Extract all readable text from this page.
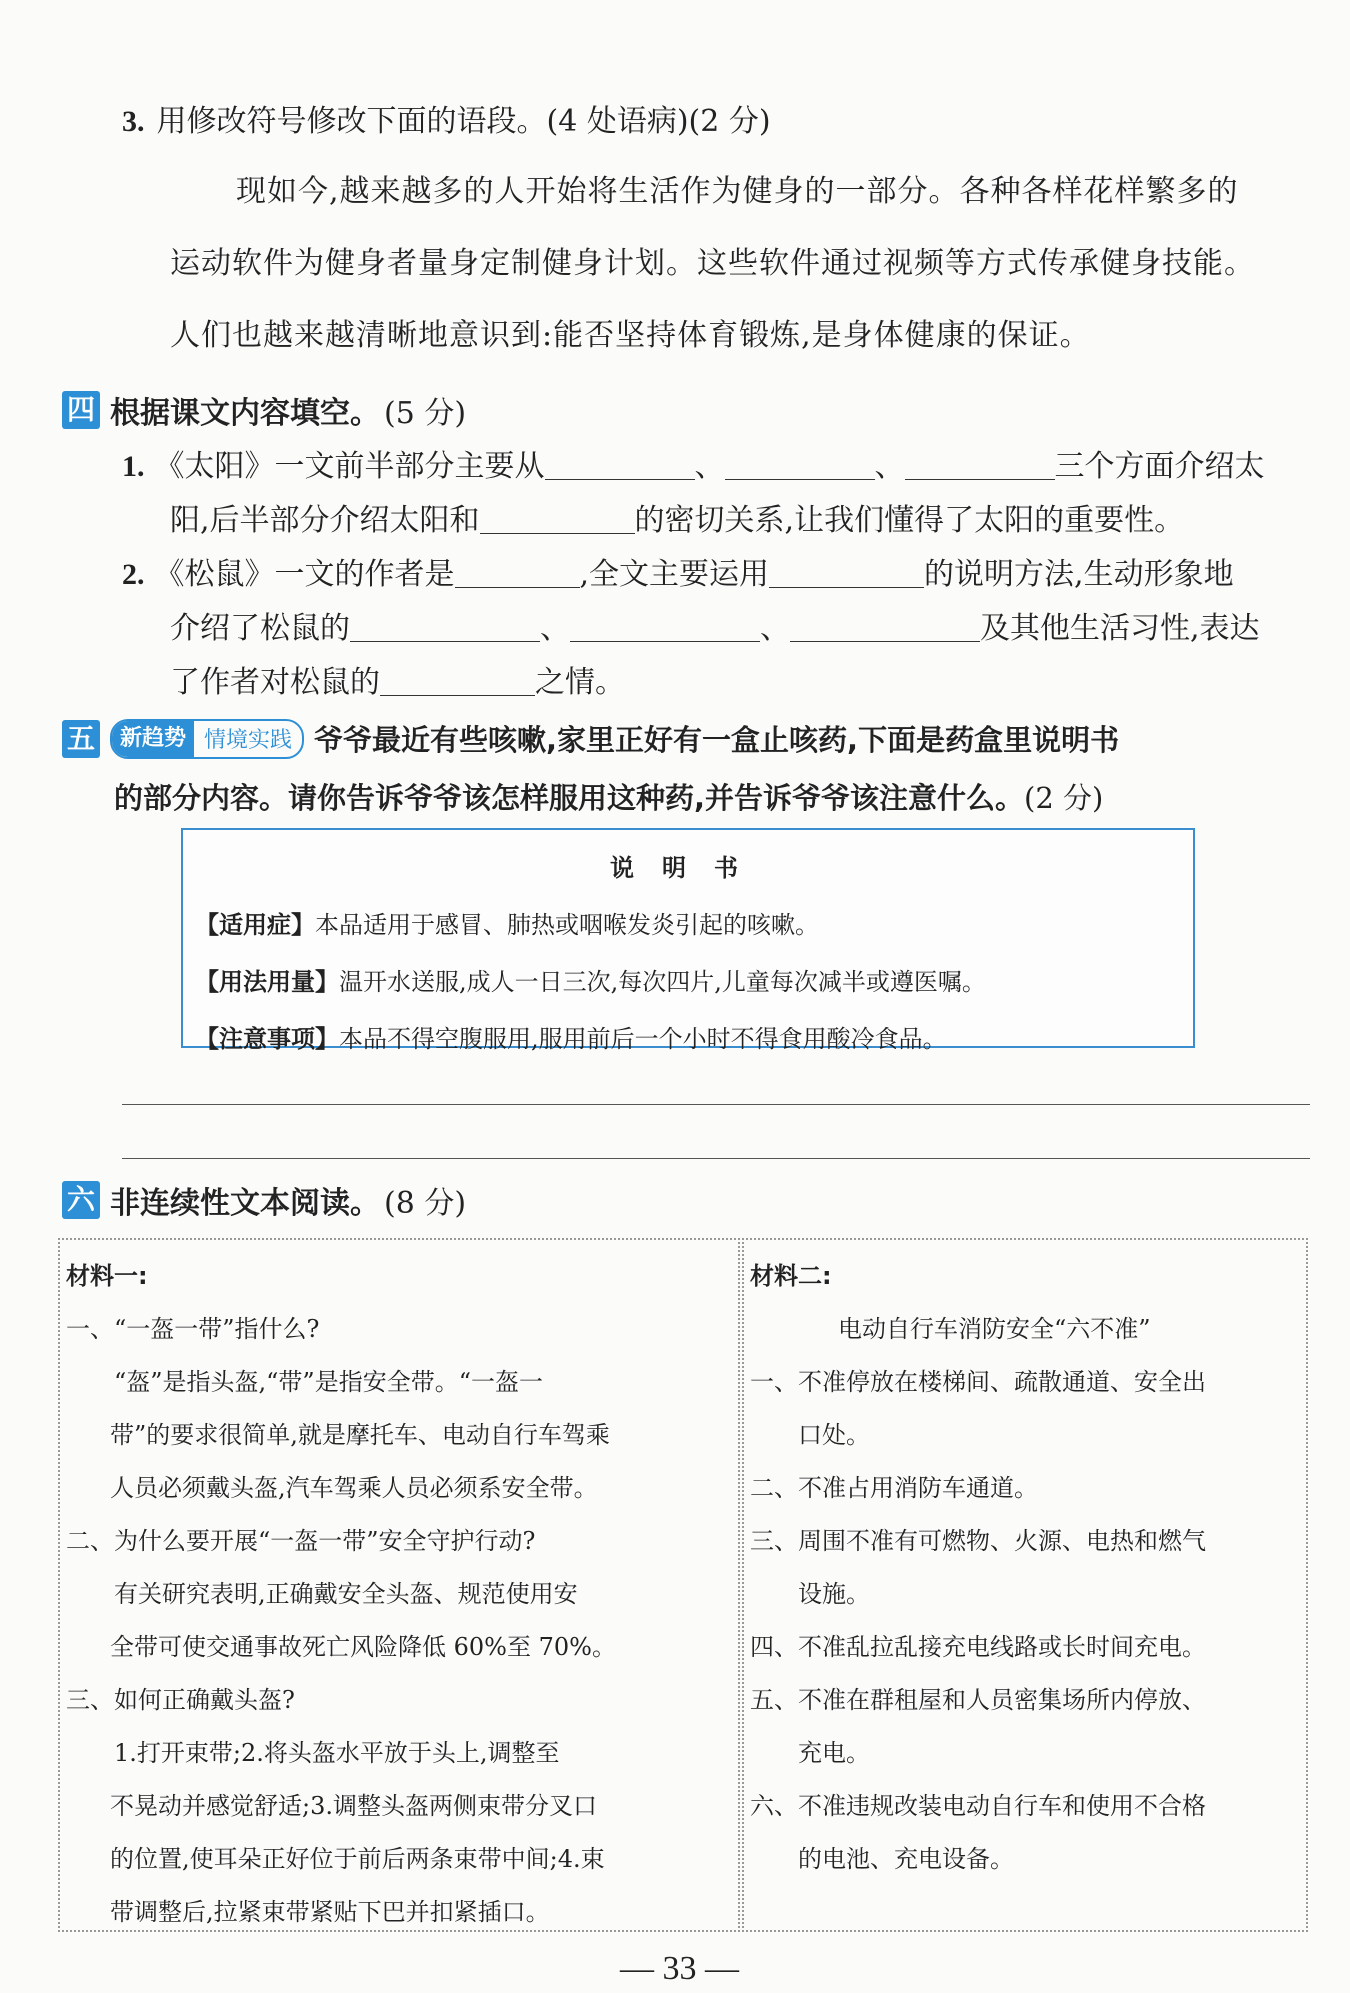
3. 用修改符号修改下面的语段。(4 处语病)(2 分)
现如今,越来越多的人开始将生活作为健身的一部分。各种各样花样繁多的
运动软件为健身者量身定制健身计划。这些软件通过视频等方式传承健身技能。
人们也越来越清晰地意识到:能否坚持体育锻炼,是身体健康的保证。
四 根据课文内容填空。 (5 分)
1. 《太阳》一文前半部分主要从	、	、	三个方面介绍太
阳,后半部分介绍太阳和	的密切关系,让我们懂得了太阳的重要性。
2. 《松鼠》一文的作者是	,全文主要运用	的说明方法,生动形象地
介绍了松鼠的	、	、	及其他生活习性,表达
了作者对松鼠的	之情。
五	新趋势 情境实践 爷爷最近有些咳嗽,家里正好有一盒止咳药,下面是药盒里说明书
的部分内容。请你告诉爷爷该怎样服用这种药,并告诉爷爷该注意什么。(2 分)
说明书
【适用症】本品适用于感冒、肺热或咽喉发炎引起的咳嗽。
【用法用量】温开水送服,成人一日三次,每次四片,儿童每次减半或遵医嘱。
【注意事项】本品不得空腹服用,服用前后一个小时不得食用酸冷食品。
六 非连续性文本阅读。 (8 分)
材料一:
一、“一盔一带”指什么?
　　“盔”是指头盔,“带”是指安全带。“一盔一
带”的要求很简单,就是摩托车、电动自行车驾乘
人员必须戴头盔,汽车驾乘人员必须系安全带。
二、为什么要开展“一盔一带”安全守护行动?
　　有关研究表明,正确戴安全头盔、规范使用安
全带可使交通事故死亡风险降低 60%至 70%。
三、如何正确戴头盔?
　　1.打开束带;2.将头盔水平放于头上,调整至
不晃动并感觉舒适;3.调整头盔两侧束带分叉口
的位置,使耳朵正好位于前后两条束带中间;4.束
带调整后,拉紧束带紧贴下巴并扣紧插口。
材料二:
电动自行车消防安全“六不准”
一、不准停放在楼梯间、疏散通道、安全出
　　口处。
二、不准占用消防车通道。
三、周围不准有可燃物、火源、电热和燃气
　　设施。
四、不准乱拉乱接充电线路或长时间充电。
五、不准在群租屋和人员密集场所内停放、
　　充电。
六、不准违规改装电动自行车和使用不合格
　　的电池、充电设备。
— 33 —
